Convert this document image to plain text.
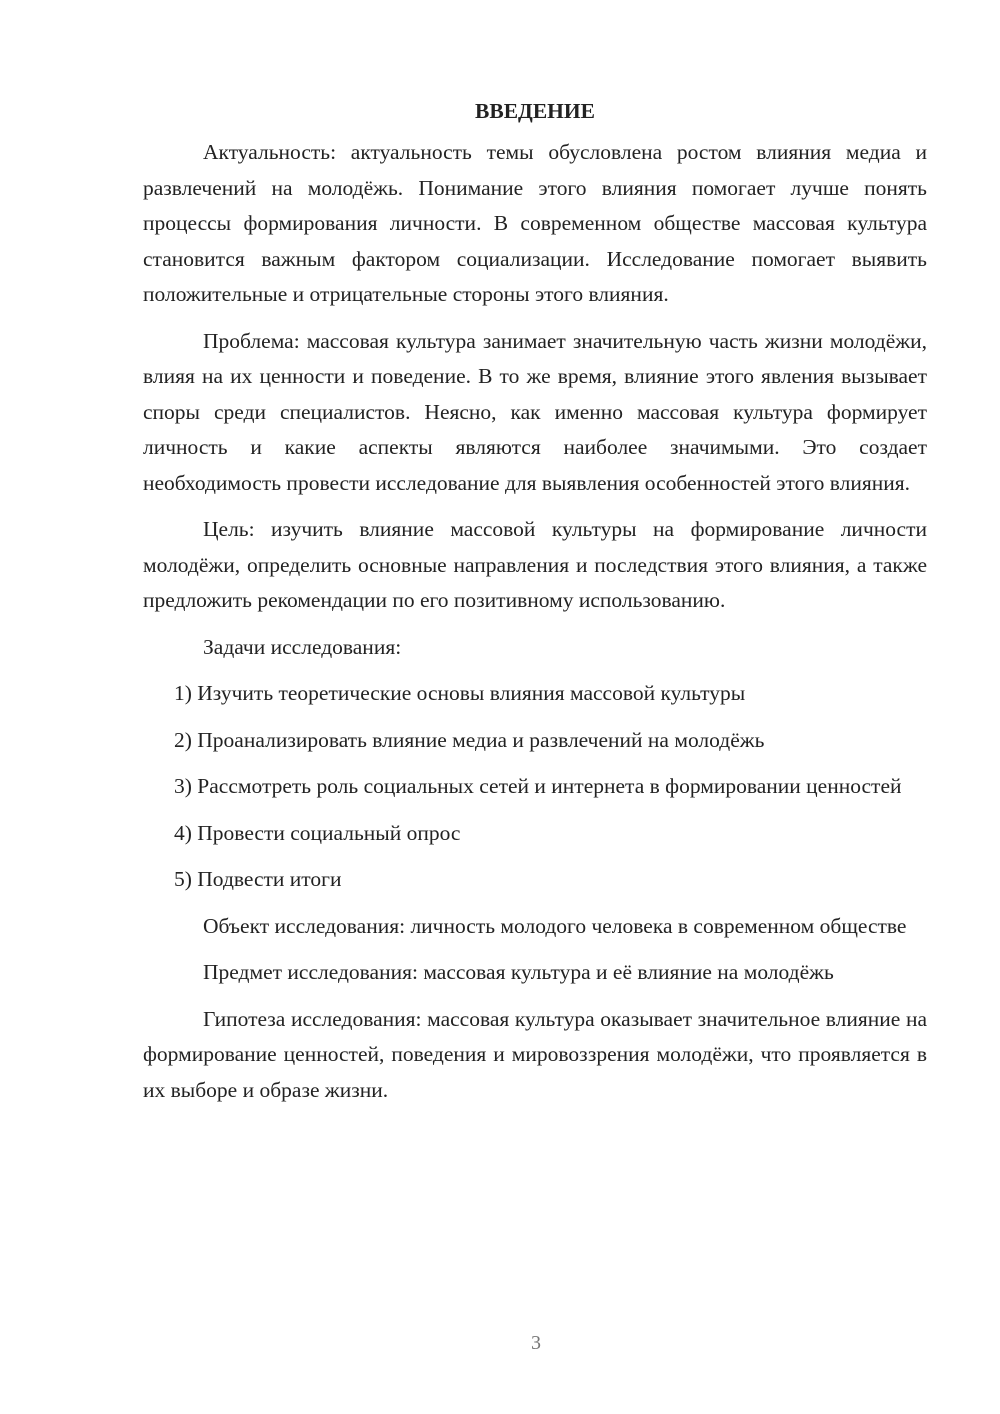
ВВЕДЕНИЕ

Актуальность: актуальность темы обусловлена ростом влияния медиа и развлечений на молодёжь. Понимание этого влияния помогает лучше понять процессы формирования личности. В современном обществе массовая культура становится важным фактором социализации. Исследование помогает выявить положительные и отрицательные стороны этого влияния.

Проблема: массовая культура занимает значительную часть жизни молодёжи, влияя на их ценности и поведение. В то же время, влияние этого явления вызывает споры среди специалистов. Неясно, как именно массовая культура формирует личность и какие аспекты являются наиболее значимыми. Это создает необходимость провести исследование для выявления особенностей этого влияния.

Цель: изучить влияние массовой культуры на формирование личности молодёжи, определить основные направления и последствия этого влияния, а также предложить рекомендации по его позитивному использованию.

Задачи исследования:

1) Изучить теоретические основы влияния массовой культуры

2) Проанализировать влияние медиа и развлечений на молодёжь

3) Рассмотреть роль социальных сетей и интернета в формировании ценностей

4) Провести социальный опрос

5) Подвести итоги

Объект исследования: личность молодого человека в современном обществе

Предмет исследования: массовая культура и её влияние на молодёжь

Гипотеза исследования: массовая культура оказывает значительное влияние на формирование ценностей, поведения и мировоззрения молодёжи, что проявляется в их выборе и образе жизни.

3
